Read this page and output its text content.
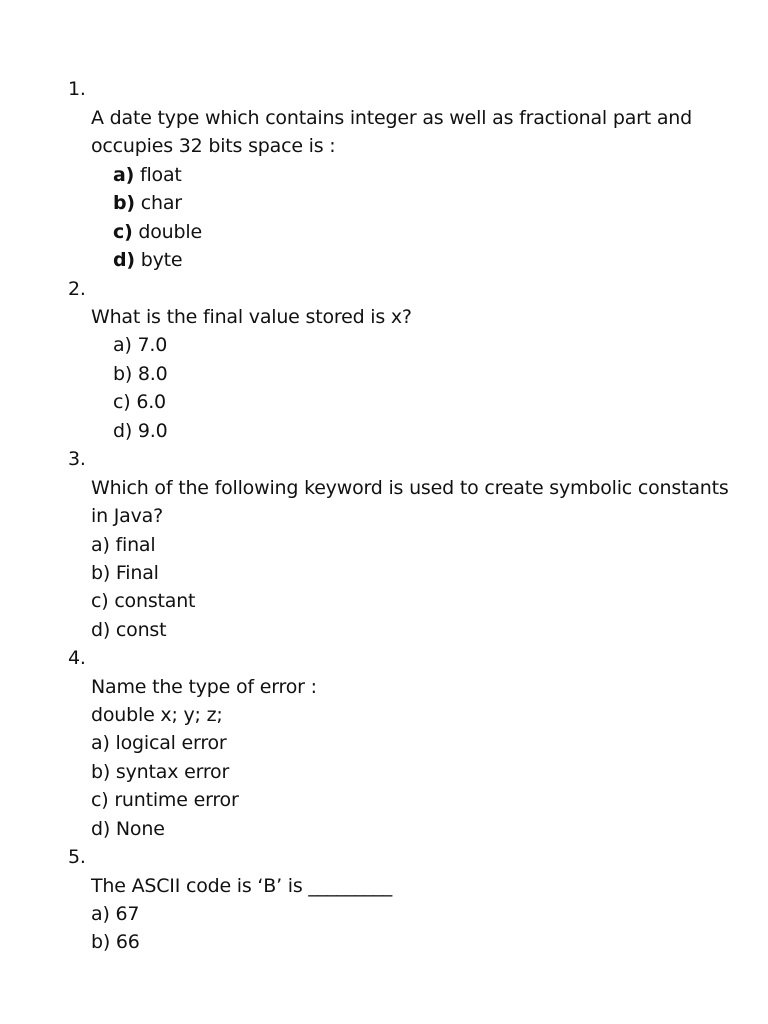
1.
A date type which contains integer as well as fractional part and
occupies 32 bits space is :
a) float
b) char
c) double
d) byte
2.
What is the final value stored is x?
a) 7.0
b) 8.0
c) 6.0
d) 9.0
3.
Which of the following keyword is used to create symbolic constants
in Java?
a) final
b) Final
c) constant
d) const
4.
Name the type of error :
double x; y; z;
a) logical error
b) syntax error
c) runtime error
d) None
5.
The ASCII code is ‘B’ is _________
a) 67
b) 66
